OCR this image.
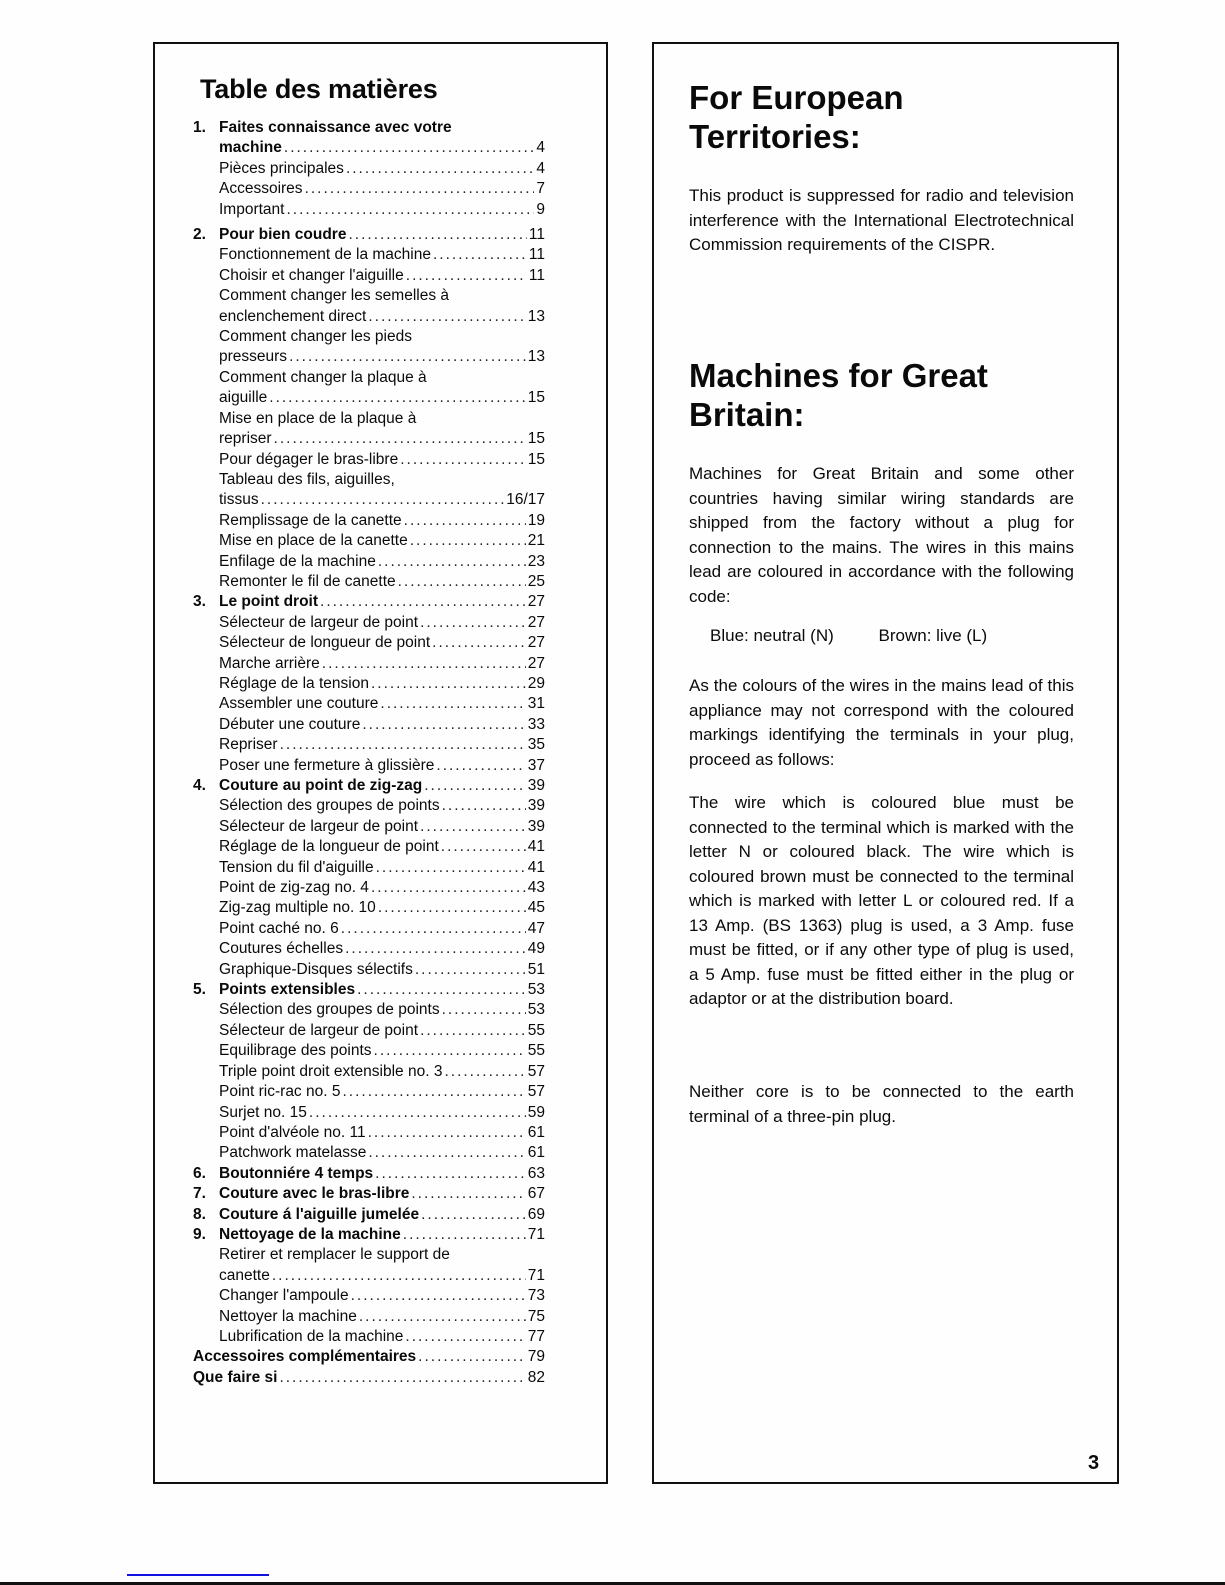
Table des matières
1. Faites connaissance avec votre
machine .....	4
Pièces principales .....	4
Accessoires .....	7
Important .....	9
2. Pour bien coudre .....	11
Fonctionnement de la machine .....	11
Choisir et changer l'aiguille .....	11
Comment changer les semelles à
enclenchement direct .....	13
Comment changer les pieds
presseurs .....	13
Comment changer la plaque à
aiguille .....	15
Mise en place de la plaque à
repriser .....	15
Pour dégager le bras-libre .....	15
Tableau des fils, aiguilles,
tissus .....	16/17
Remplissage de la canette .....	19
Mise en place de la canette .....	21
Enfilage de la machine .....	23
Remonter le fil de canette .....	25
3. Le point droit .....	27
Sélecteur de largeur de point .....	27
Sélecteur de longueur de point .....	27
Marche arrière .....	27
Réglage de la tension .....	29
Assembler une couture .....	31
Débuter une couture .....	33
Repriser .....	35
Poser une fermeture à glissière .....	37
4. Couture au point de zig-zag .....	39
Sélection des groupes de points .....	39
Sélecteur de largeur de point .....	39
Réglage de la longueur de point .....	41
Tension du fil d'aiguille .....	41
Point de zig-zag no. 4 .....	43
Zig-zag multiple no. 10 .....	45
Point caché no. 6 .....	47
Coutures échelles .....	49
Graphique-Disques sélectifs .....	51
5. Points extensibles .....	53
Sélection des groupes de points .....	53
Sélecteur de largeur de point .....	55
Equilibrage des points .....	55
Triple point droit extensible no. 3 .....	57
Point ric-rac no. 5 .....	57
Surjet no. 15 .....	59
Point d'alvéole no. 11 .....	61
Patchwork matelasse .....	61
6. Boutonniére 4 temps .....	63
7. Couture avec le bras-libre .....	67
8. Couture á l'aiguille jumelée .....	69
9. Nettoyage de la machine .....	71
Retirer et remplacer le support de
canette .....	71
Changer l'ampoule .....	73
Nettoyer la machine .....	75
Lubrification de la machine .....	77
Accessoires complémentaires .....	79
Que faire si .....	82
For European
Territories:

This product is suppressed for radio and television interference with the International Electrotechnical Commission requirements of the CISPR.

Machines for Great
Britain:

Machines for Great Britain and some other countries having similar wiring standards are shipped from the factory without a plug for connection to the mains. The wires in this mains lead are coloured in accordance with the following code:

Blue: neutral (N)	Brown: live (L)

As the colours of the wires in the mains lead of this appliance may not correspond with the coloured markings identifying the terminals in your plug, proceed as follows:

The wire which is coloured blue must be connected to the terminal which is marked with the letter N or coloured black. The wire which is coloured brown must be connected to the terminal which is marked with letter L or coloured red. If a 13 Amp. (BS 1363) plug is used, a 3 Amp. fuse must be fitted, or if any other type of plug is used, a 5 Amp. fuse must be fitted either in the plug or adaptor or at the distribution board.

Neither core is to be connected to the earth terminal of a three-pin plug.

3
